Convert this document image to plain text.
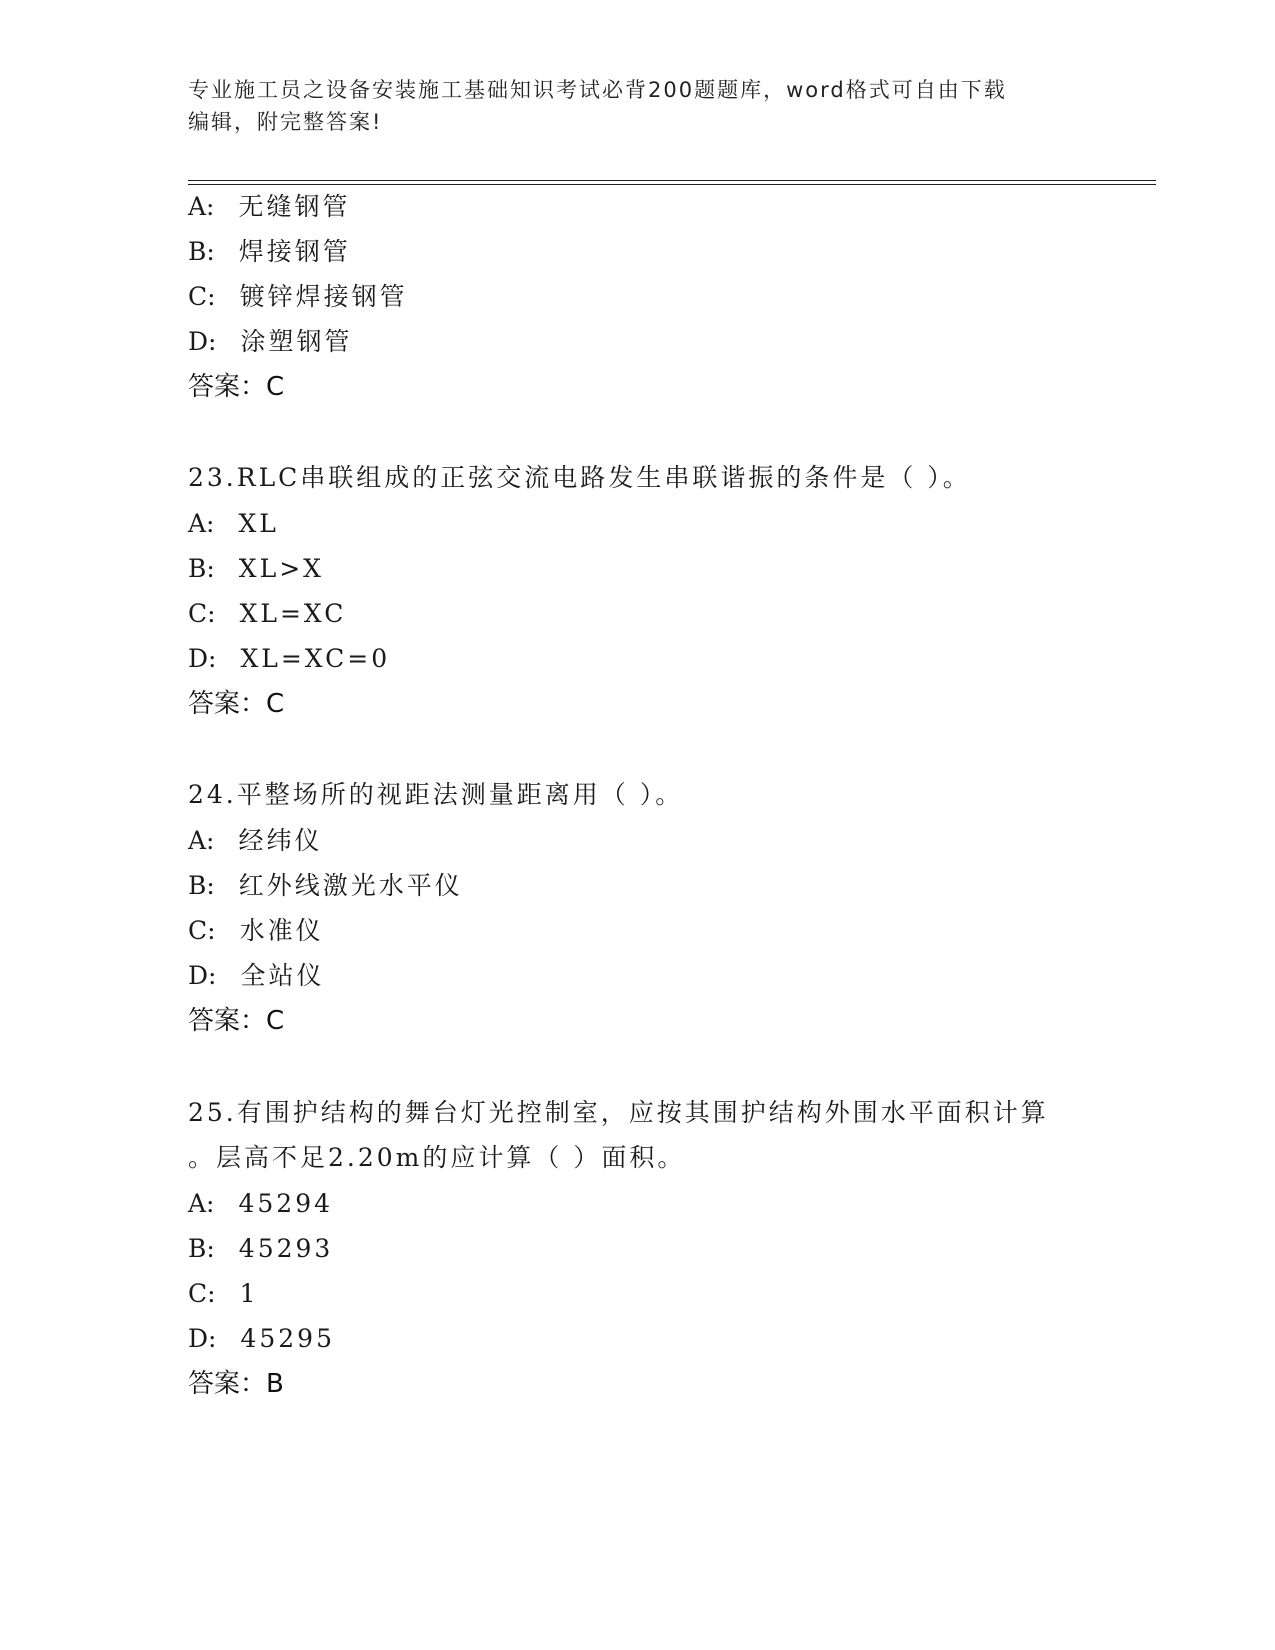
专业施工员之设备安装施工基础知识考试必背200题题库，word格式可自由下载
编辑，附完整答案!
A: 无缝钢管
B: 焊接钢管
C: 镀锌焊接钢管
D: 涂塑钢管
答案：C
23.RLC串联组成的正弦交流电路发生串联谐振的条件是（ ）。
A: XL
B: XL>X
C: XL=XC
D: XL=XC=0
答案：C
24.平整场所的视距法测量距离用（ ）。
A: 经纬仪
B: 红外线激光水平仪
C: 水准仪
D: 全站仪
答案：C
25.有围护结构的舞台灯光控制室，应按其围护结构外围水平面积计算
。层高不足2.20m的应计算（ ）面积。
A: 45294
B: 45293
C: 1
D: 45295
答案：B
